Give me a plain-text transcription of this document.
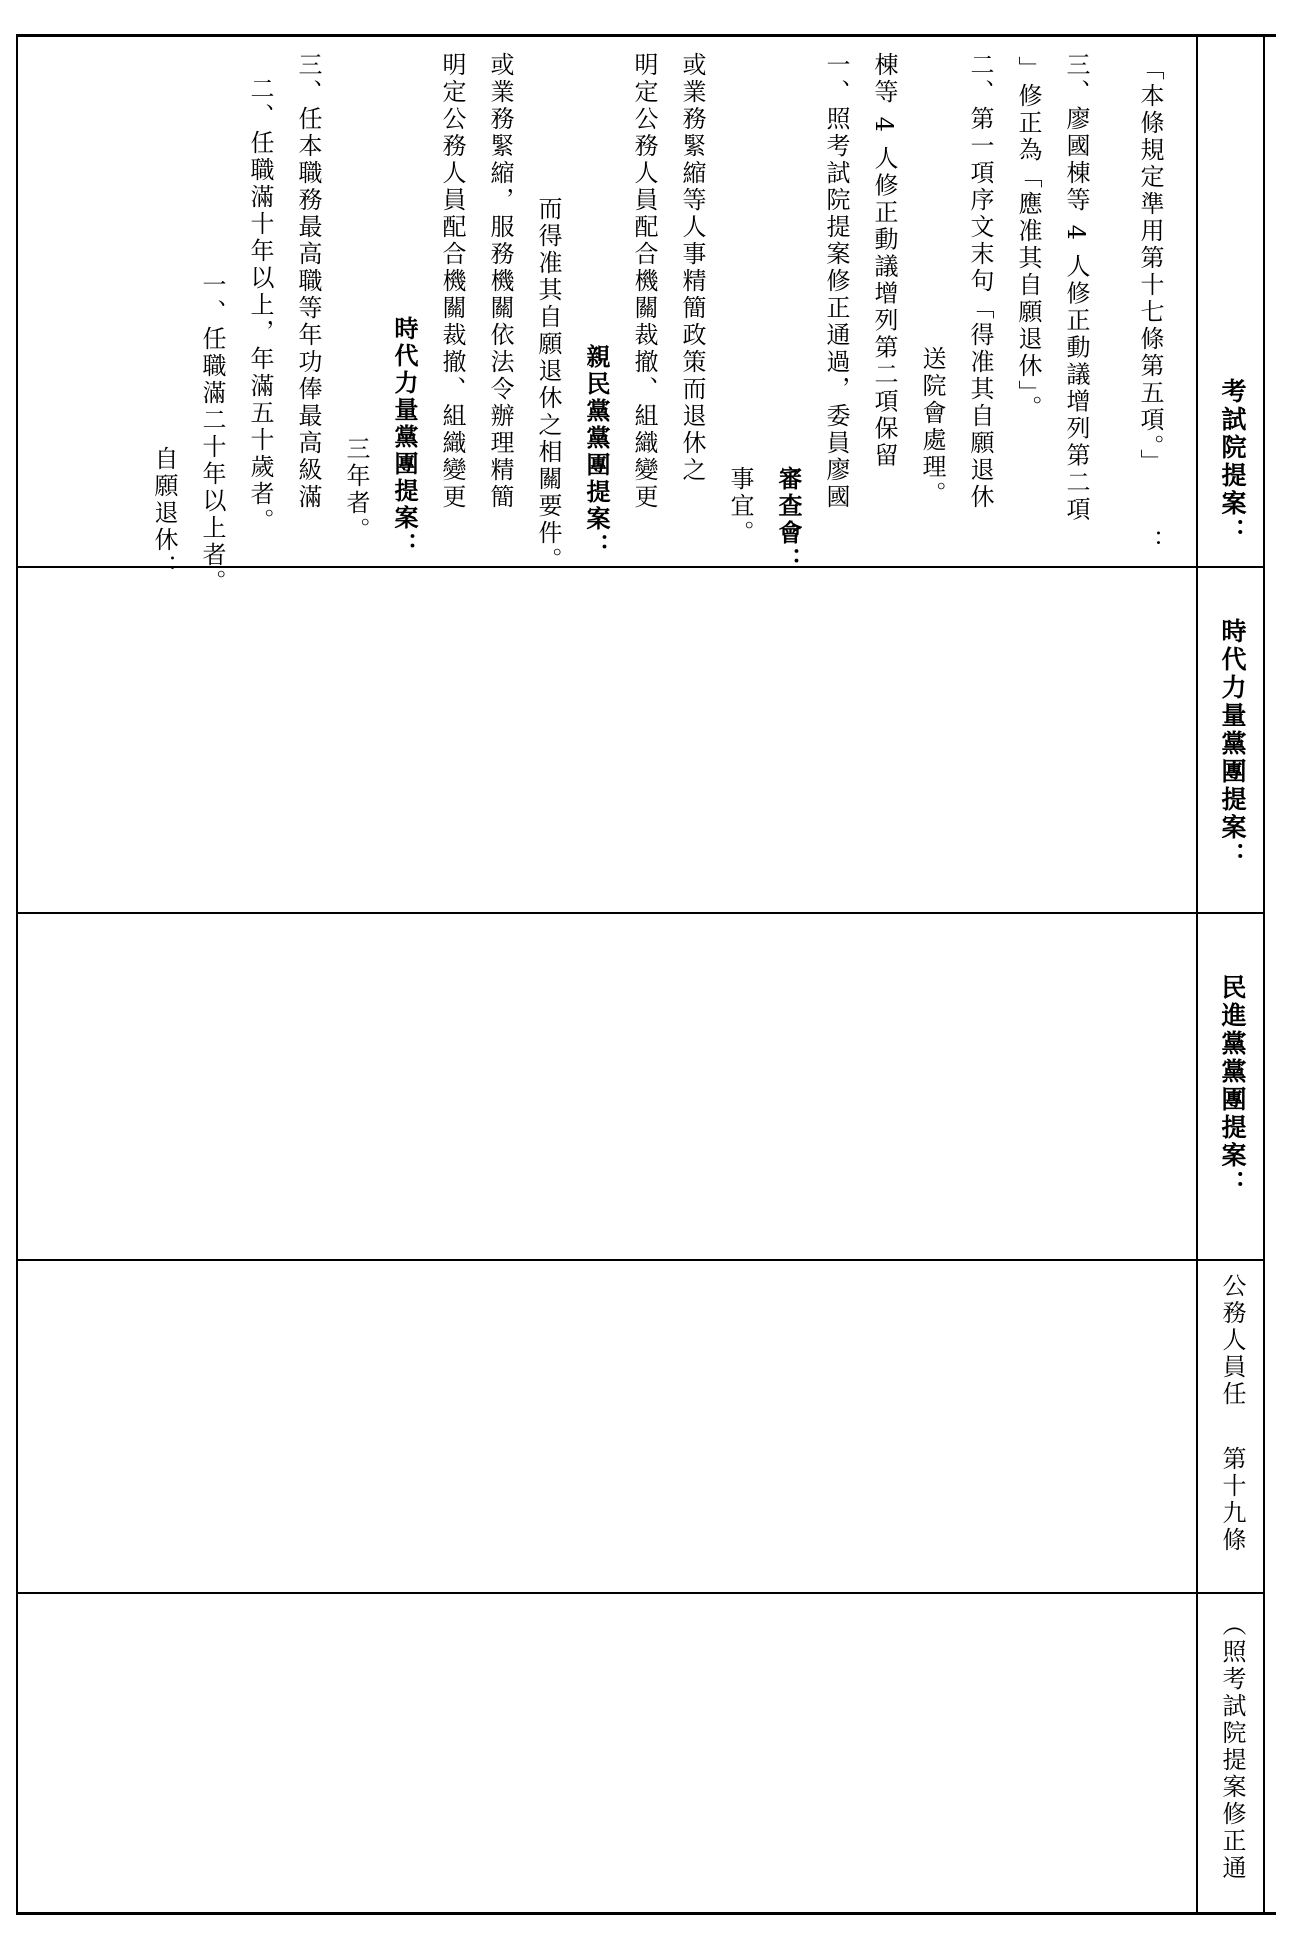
考試院提案：
時代力量黨團提案：
民進黨黨團提案：
公務人員任
第十九條
（照考試院提案修正通
：
「本條規定準用第十七條第五項。」
三、廖國棟等 4 人修正動議增列第二項
」修正為「應准其自願退休」。
二、第一項序文末句「得准其自願退休
送院會處理。
棟等 4 人修正動議增列第二項保留
一、照考試院提案修正通過，委員廖國
審查會：
事宜。
或業務緊縮等人事精簡政策而退休之
明定公務人員配合機關裁撤、組織變更
親民黨黨團提案：
而得准其自願退休之相關要件。
或業務緊縮，服務機關依法令辦理精簡
明定公務人員配合機關裁撤、組織變更
時代力量黨團提案：
三年者。
三、任本職務最高職等年功俸最高級滿
二、任職滿十年以上，年滿五十歲者。
一、任職滿二十年以上者。
自願退休：
